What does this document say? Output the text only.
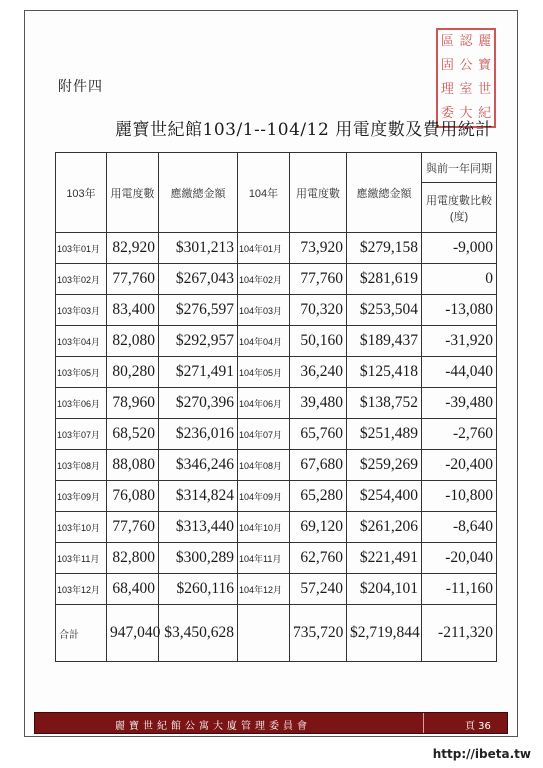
區 認 麗
固 公 寶
理 室 世
委 大 紀
附件四
麗寶世紀館103/1--104/12 用電度數及費用統計
103年	用電度數	應繳總金額	104年	用電度數	應繳總金額	與前一年同期
						用電度數比較(度)
103年01月	82,920	$301,213	104年01月	73,920	$279,158	-9,000
103年02月	77,760	$267,043	104年02月	77,760	$281,619	0
103年03月	83,400	$276,597	104年03月	70,320	$253,504	-13,080
103年04月	82,080	$292,957	104年04月	50,160	$189,437	-31,920
103年05月	80,280	$271,491	104年05月	36,240	$125,418	-44,040
103年06月	78,960	$270,396	104年06月	39,480	$138,752	-39,480
103年07月	68,520	$236,016	104年07月	65,760	$251,489	-2,760
103年08月	88,080	$346,246	104年08月	67,680	$259,269	-20,400
103年09月	76,080	$314,824	104年09月	65,280	$254,400	-10,800
103年10月	77,760	$313,440	104年10月	69,120	$261,206	-8,640
103年11月	82,800	$300,289	104年11月	62,760	$221,491	-20,040
103年12月	68,400	$260,116	104年12月	57,240	$204,101	-11,160
合計	947,040	$3,450,628		735,720	$2,719,844	-211,320
麗寶世紀館公寓大廈管理委員會	頁 36
http://ibeta.tw
